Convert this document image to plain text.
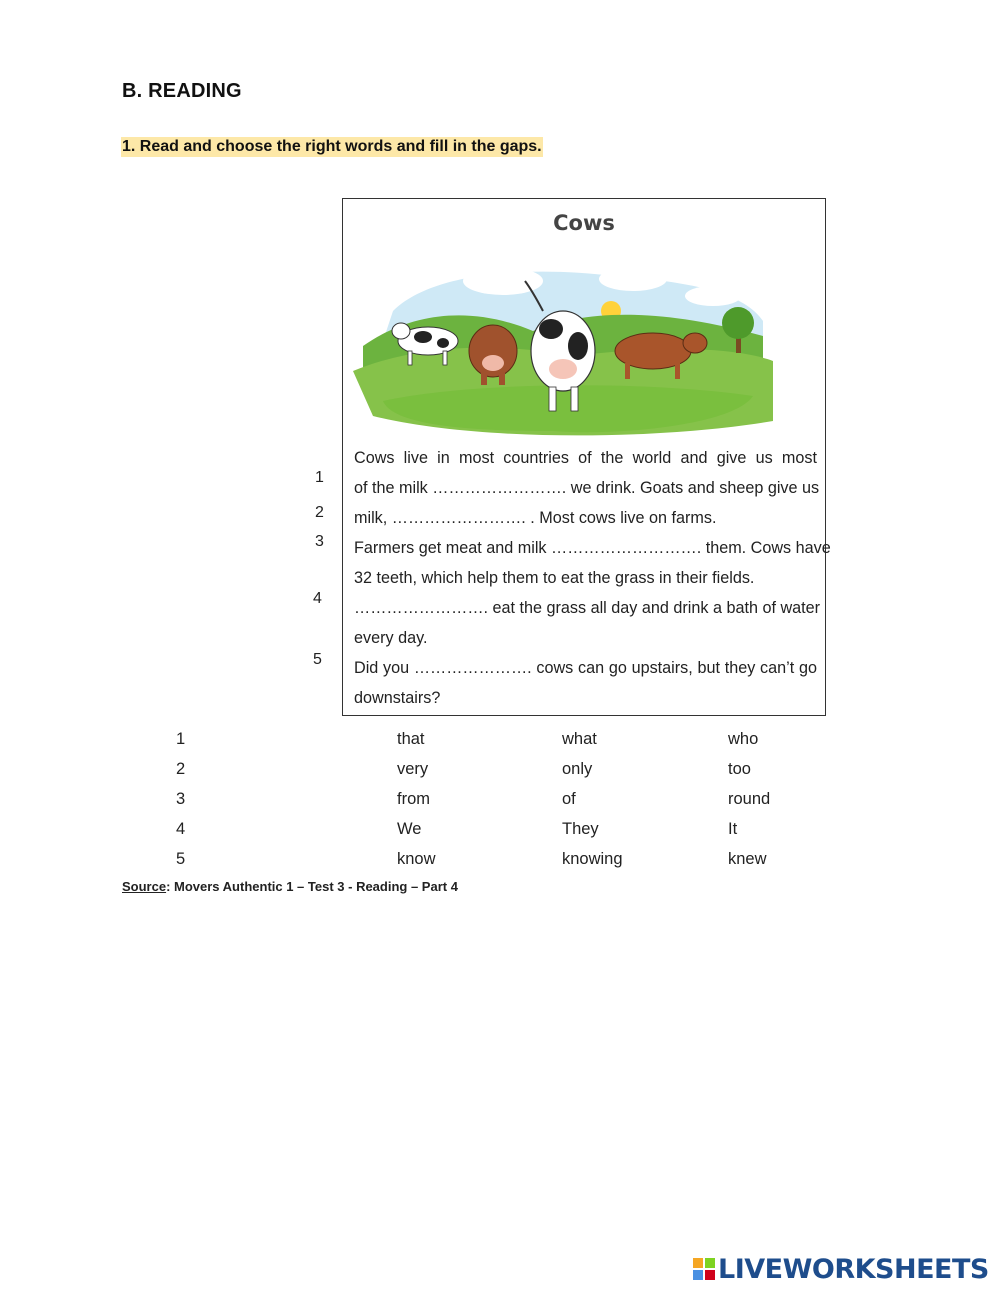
B. READING
1. Read and choose the right words and fill in the gaps.
Cows
Cows live in most countries of the world and give us most
of the milk ……………………. we drink. Goats and sheep give us
milk, ……………………. . Most cows live on farms.
Farmers get meat and milk ………………………. them. Cows have
32 teeth, which help them to eat the grass in their fields.
……………………. eat the grass all day and drink a bath of water
every day.
Did you …………………. cows can go upstairs, but they can’t go
downstairs?
1
2
3
4
5
1	that	what	who
2	very	only	too
3	from	of	round
4	We	They	It
5	know	knowing	knew
Source: Movers Authentic 1 – Test 3 - Reading – Part 4
LIVEWORKSHEETS
